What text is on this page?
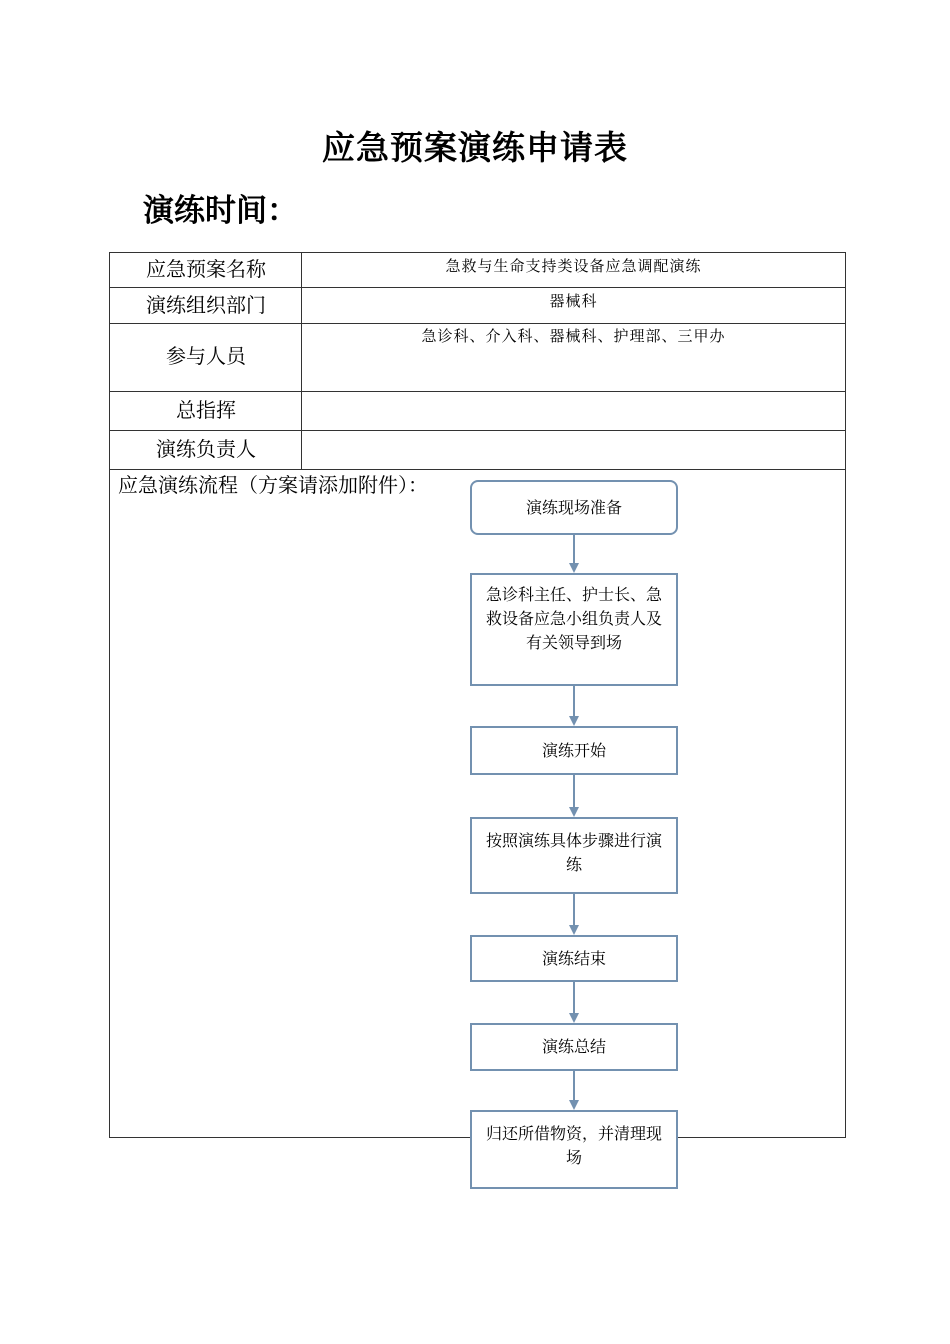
应急预案演练申请表
演练时间：
应急预案名称	急救与生命支持类设备应急调配演练
演练组织部门	器械科
参与人员
急诊科、介入科、器械科、护理部、三甲办
总指挥
演练负责人
应急演练流程（方案请添加附件）：
演练现场准备
急诊科主任、护士长、急救设备应急小组负责人及有关领导到场
演练开始
按照演练具体步骤进行演练
演练结束
演练总结
归还所借物资，并清理现场
